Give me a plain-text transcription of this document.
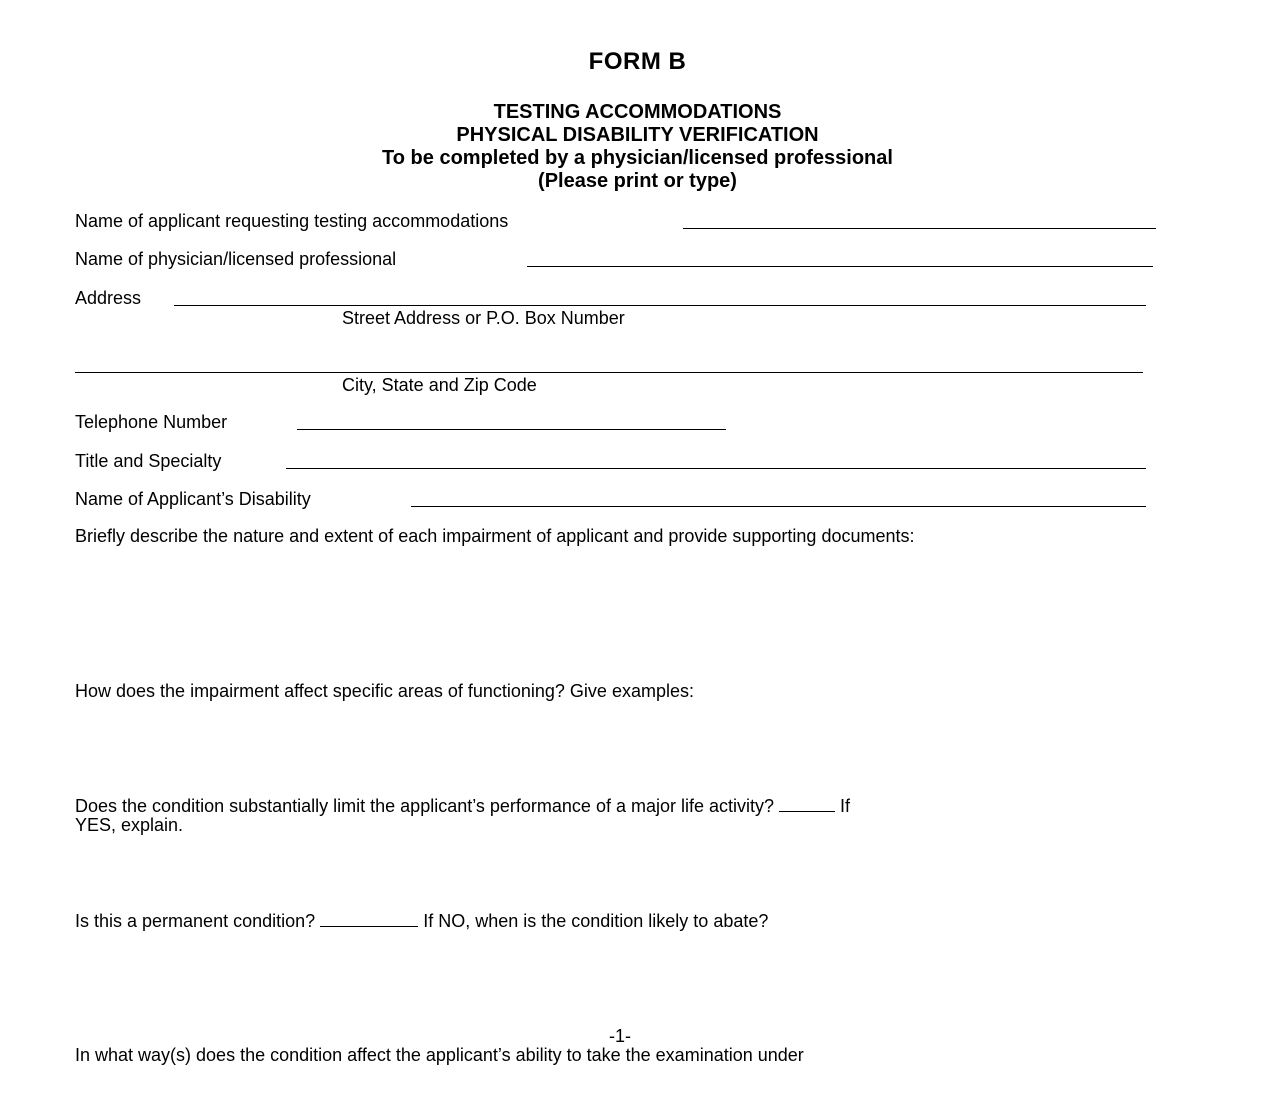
FORM B
TESTING ACCOMMODATIONS
PHYSICAL DISABILITY VERIFICATION
To be completed by a physician/licensed professional
(Please print or type)
Name of applicant requesting testing accommodations
Name of physician/licensed professional
Address
Street Address or P.O. Box Number
City, State and Zip Code
Telephone Number
Title and Specialty
Name of Applicant’s Disability
Briefly describe the nature and extent of each impairment of applicant and provide supporting documents:
How does the impairment affect specific areas of functioning? Give examples:
Does the condition substantially limit the applicant’s performance of a major life activity?	If
YES, explain.
Is this a permanent condition?	If NO, when is the condition likely to abate?
-1-
In what way(s) does the condition affect the applicant’s ability to take the examination under
